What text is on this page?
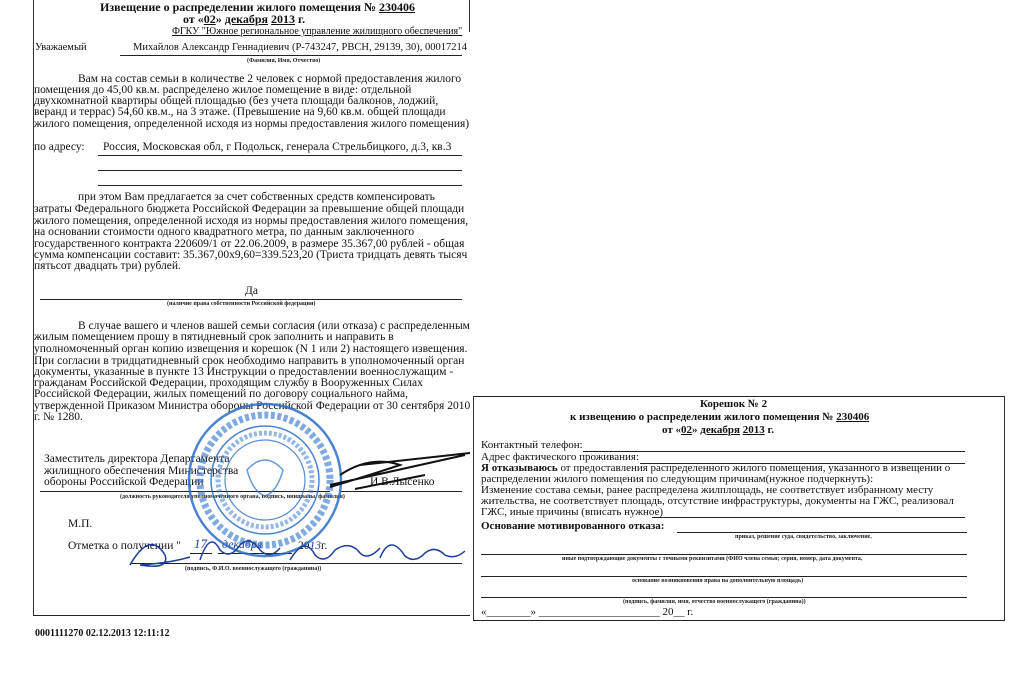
Извещение о распределении жилого помещения № 230406
от «02» декабря 2013 г.
ФГКУ "Южное региональное управление жилищного обеспечения"
Уважаемый	Михайлов Александр Геннадиевич (Р-743247, РВСН, 29139, 30), 00017214
(Фамилия, Имя, Отчество)
Вам на состав семьи в количестве 2 человек с нормой предоставления жилого
помещения до 45,00 кв.м. распределено жилое помещение в виде: отдельной
двухкомнатной квартиры общей площадью (без учета площади балконов, лоджий,
веранд и террас) 54,60 кв.м., на 3 этаже. (Превышение на 9,60 кв.м. общей площади
жилого помещения, определенной исходя из нормы предоставления жилого помещения)
по адресу: Россия, Московская обл, г Подольск, генерала Стрельбицкого, д.3, кв.3
при этом Вам предлагается за счет собственных средств компенсировать
затраты Федерального бюджета Российской Федерации за превышение общей площади
жилого помещения, определенной исходя из нормы предоставления жилого помещения,
на основании стоимости одного квадратного метра, по данным заключенного
государственного контракта 220609/1 от 22.06.2009, в размере 35.367,00 рублей - общая
сумма компенсации составит: 35.367,00х9,60=339.523,20 (Триста тридцать девять тысяч
пятьсот двадцать три) рублей.
Да
(наличие права собственности Российской федерации)
В случае вашего и членов вашей семьи согласия (или отказа) с распределенным
жилым помещением прошу в пятидневный срок заполнить и направить в
уполномоченный орган копию извещения и корешок (N 1 или 2) настоящего извещения.
При согласии в тридцатидневный срок необходимо направить в уполномоченный орган
документы, указанные в пункте 13 Инструкции о предоставлении военнослужащим -
гражданам Российской Федерации, проходящим службу в Вооруженных Силах
Российской Федерации, жилых помещений по договору социального найма,
утвержденной Приказом Министра обороны Российской Федерации от 30 сентября 2010
г. № 1280.
Заместитель директора Департамента
жилищного обеспечения Министерства
обороны Российской Федерации	И.В.Лысенко
(должность руководителя уполномоченного органа, подпись, инициалы, фамилия)
М.П.
Отметка о получении " 17 декабря	2013г.
(подпись, Ф.И.О. военнослужащего (гражданина))
0001111270 02.12.2013 12:11:12
Корешок № 2
к извещению о распределении жилого помещения № 230406
от «02» декабря 2013 г.
Контактный телефон:
Адрес фактического проживания:
Я отказываюсь от предоставления распределенного жилого помещения, указанного в извещении о
распределении жилого помещения по следующим причинам(нужное подчеркнуть):
Изменение состава семьи, ранее распределена жилплощадь, не соответствует избранному месту
жительства, не соответствует площадь, отсутствие инфраструктуры, документы на ГЖС, реализовал
ГЖС, иные причины (вписать нужное)
Основание мотивированного отказа:
приказ, решение суда, свидетельство, заключение,
иные подтверждающие документы с точными реквизитами (ФИО члена семьи; серия, номер, дата документа,
основание возникновения права на дополнительную площадь)
(подпись, фамилия, имя, отчество военнослужащего (гражданина))
«________» ______________________ 20__ г.
